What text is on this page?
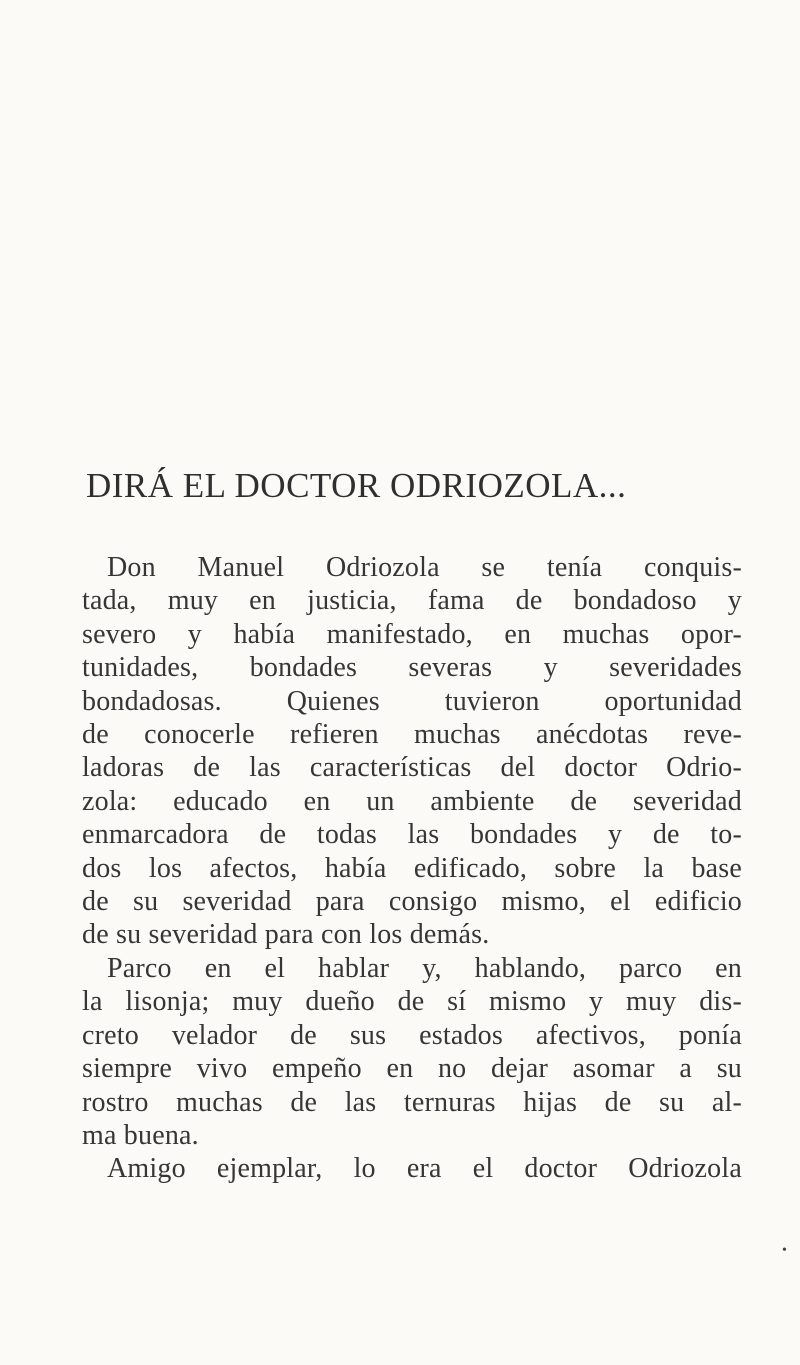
DIRÁ EL DOCTOR ODRIOZOLA...
Don Manuel Odriozola se tenía conquis-
tada, muy en justicia, fama de bondadoso y
severo y había manifestado, en muchas opor-
tunidades, bondades severas y severidades
bondadosas. Quienes tuvieron oportunidad
de conocerle refieren muchas anécdotas reve-
ladoras de las características del doctor Odrio-
zola: educado en un ambiente de severidad
enmarcadora de todas las bondades y de to-
dos los afectos, había edificado, sobre la base
de su severidad para consigo mismo, el edificio
de su severidad para con los demás.
Parco en el hablar y, hablando, parco en
la lisonja; muy dueño de sí mismo y muy dis-
creto velador de sus estados afectivos, ponía
siempre vivo empeño en no dejar asomar a su
rostro muchas de las ternuras hijas de su al-
ma buena.
Amigo ejemplar, lo era el doctor Odriozola
•
